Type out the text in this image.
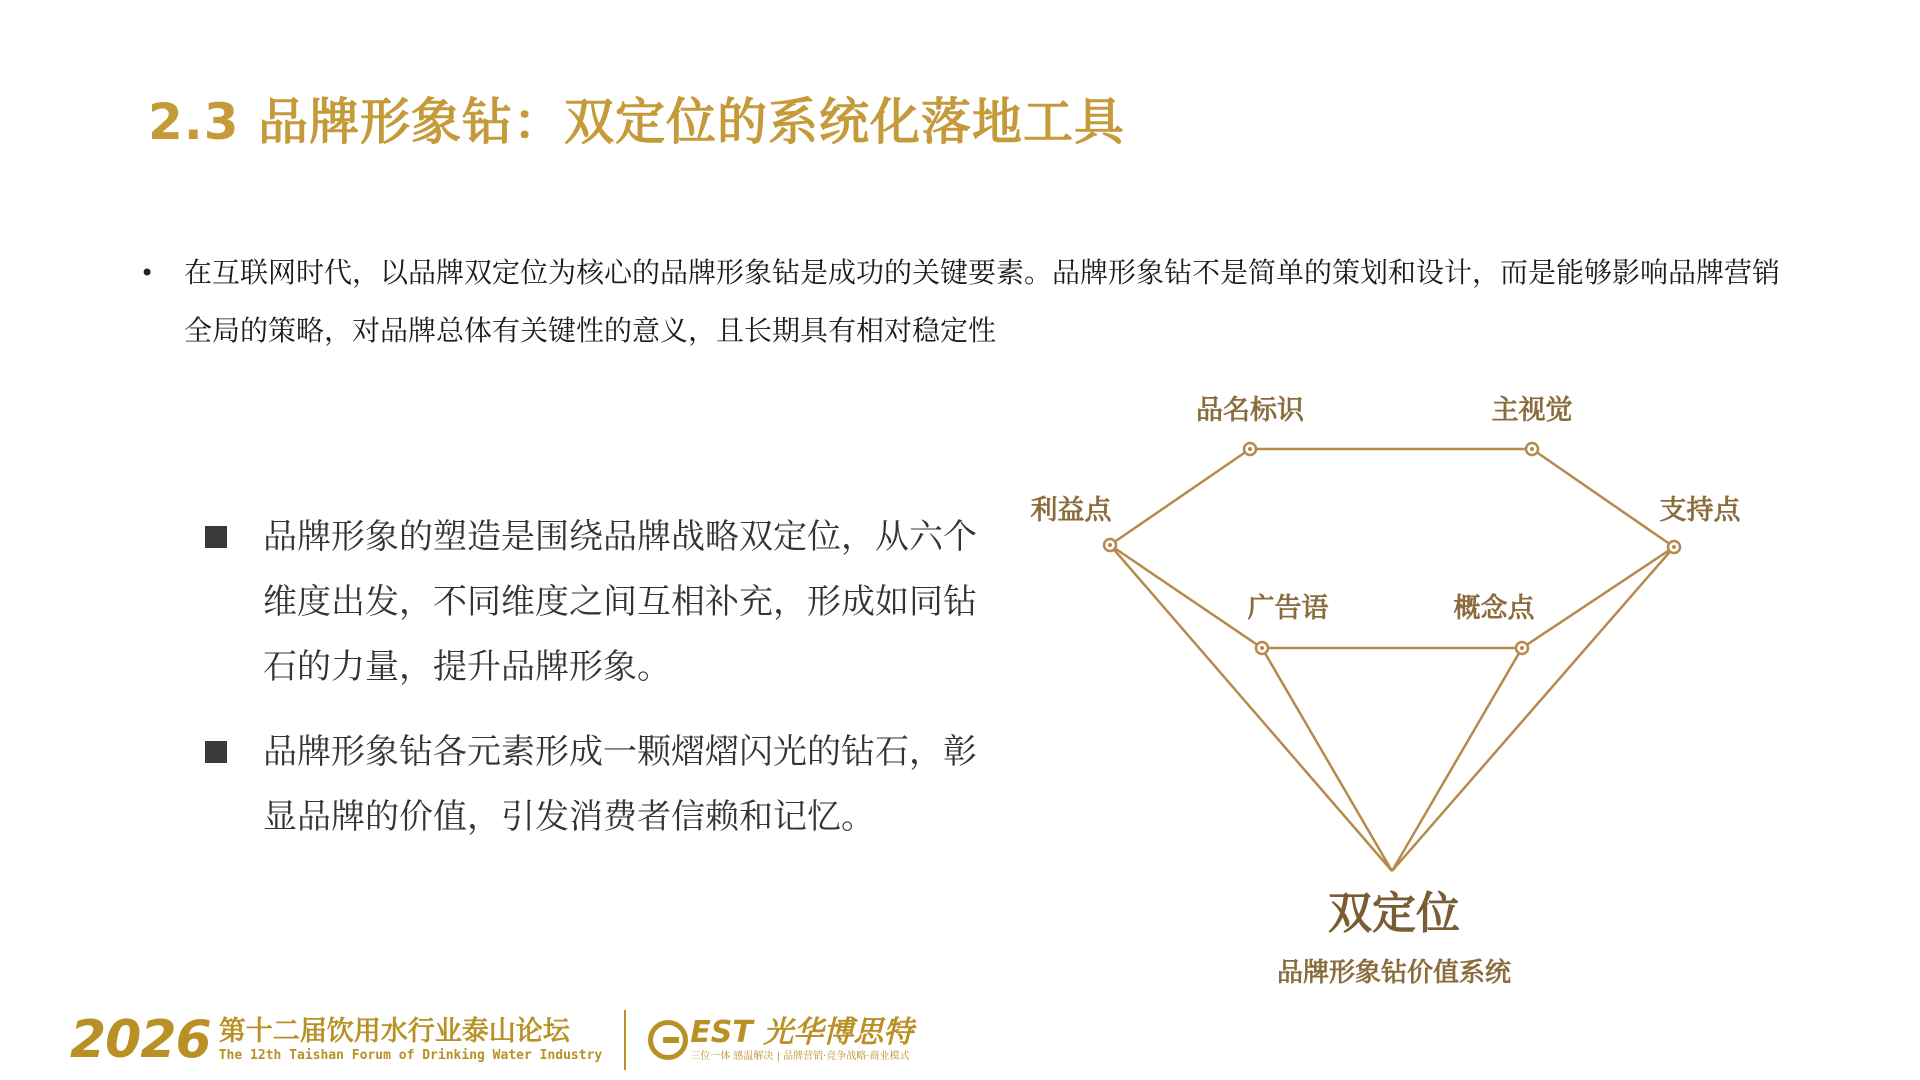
2.3 品牌形象钻：双定位的系统化落地工具
•	在互联网时代，以品牌双定位为核心的品牌形象钻是成功的关键要素。品牌形象钻不是简单的策划和设计，而是能够影响品牌营销全局的策略，对品牌总体有关键性的意义，且长期具有相对稳定性
品牌形象的塑造是围绕品牌战略双定位，从六个维度出发，不同维度之间互相补充，形成如同钻石的力量，提升品牌形象。
品牌形象钻各元素形成一颗熠熠闪光的钻石，彰显品牌的价值，引发消费者信赖和记忆。
品名标识	主视觉
利益点	支持点
广告语	概念点
双定位
品牌形象钻价值系统
2026 第十二届饮用水行业泰山论坛
The 12th Taishan Forum of Drinking Water Industry
EST 光华博思特
三位一体 感温解决 | 品牌营销·竞争战略·商业模式
